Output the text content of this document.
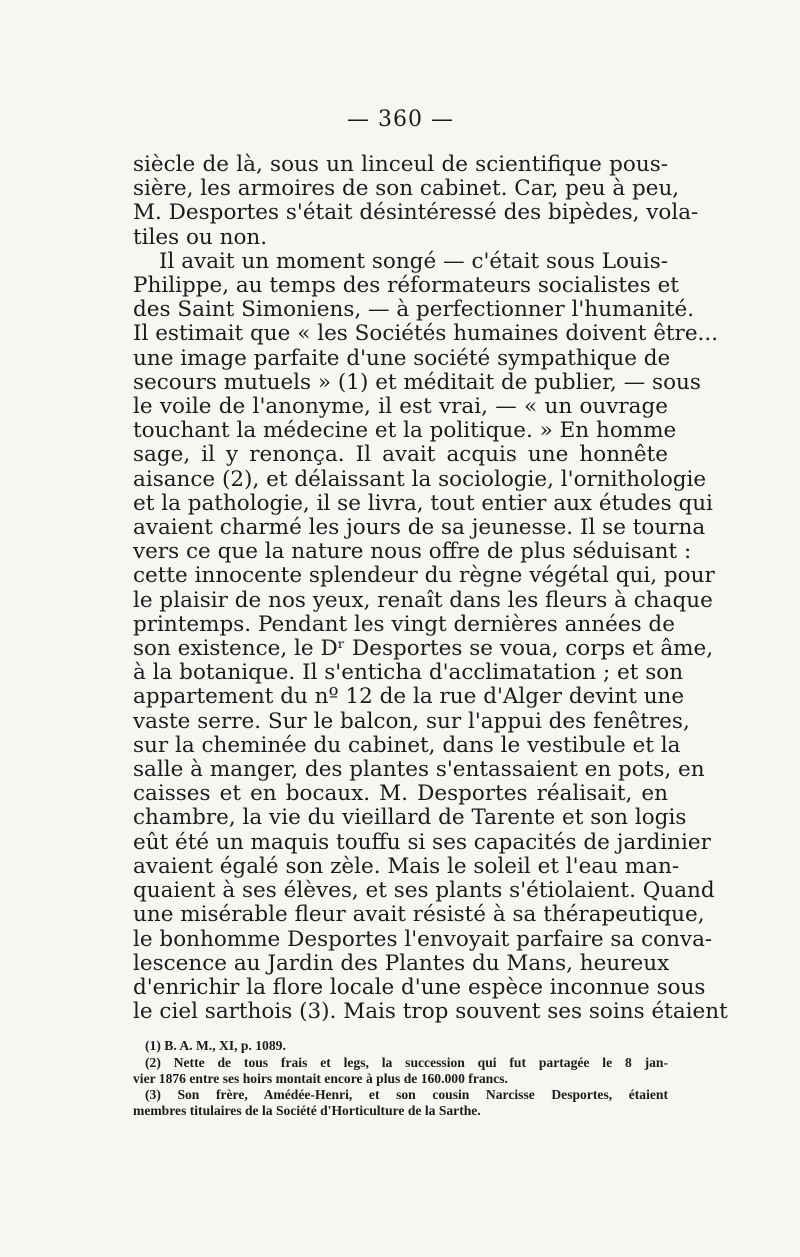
— 360 —
siècle de là, sous un linceul de scientifique pous-
sière, les armoires de son cabinet. Car, peu à peu,
M. Desportes s'était désintéressé des bipèdes, vola-
tiles ou non.
Il avait un moment songé — c'était sous Louis-
Philippe, au temps des réformateurs socialistes et
des Saint Simoniens, — à perfectionner l'humanité.
Il estimait que « les Sociétés humaines doivent être...
une image parfaite d'une société sympathique de
secours mutuels » (1) et méditait de publier, — sous
le voile de l'anonyme, il est vrai, — « un ouvrage
touchant la médecine et la politique. » En homme
sage, il y renonça. Il avait acquis une honnête
aisance (2), et délaissant la sociologie, l'ornithologie
et la pathologie, il se livra, tout entier aux études qui
avaient charmé les jours de sa jeunesse. Il se tourna
vers ce que la nature nous offre de plus séduisant :
cette innocente splendeur du règne végétal qui, pour
le plaisir de nos yeux, renaît dans les fleurs à chaque
printemps. Pendant les vingt dernières années de
son existence, le Dʳ Desportes se voua, corps et âme,
à la botanique. Il s'enticha d'acclimatation ; et son
appartement du nº 12 de la rue d'Alger devint une
vaste serre. Sur le balcon, sur l'appui des fenêtres,
sur la cheminée du cabinet, dans le vestibule et la
salle à manger, des plantes s'entassaient en pots, en
caisses et en bocaux. M. Desportes réalisait, en
chambre, la vie du vieillard de Tarente et son logis
eût été un maquis touffu si ses capacités de jardinier
avaient égalé son zèle. Mais le soleil et l'eau man-
quaient à ses élèves, et ses plants s'étiolaient. Quand
une misérable fleur avait résisté à sa thérapeutique,
le bonhomme Desportes l'envoyait parfaire sa conva-
lescence au Jardin des Plantes du Mans, heureux
d'enrichir la flore locale d'une espèce inconnue sous
le ciel sarthois (3). Mais trop souvent ses soins étaient
(1) B. A. M., XI, p. 1089.
(2) Nette de tous frais et legs, la succession qui fut partagée le 8 jan-
vier 1876 entre ses hoirs montait encore à plus de 160.000 francs.
(3) Son frère, Amédée-Henri, et son cousin Narcisse Desportes, étaient
membres titulaires de la Société d'Horticulture de la Sarthe.
